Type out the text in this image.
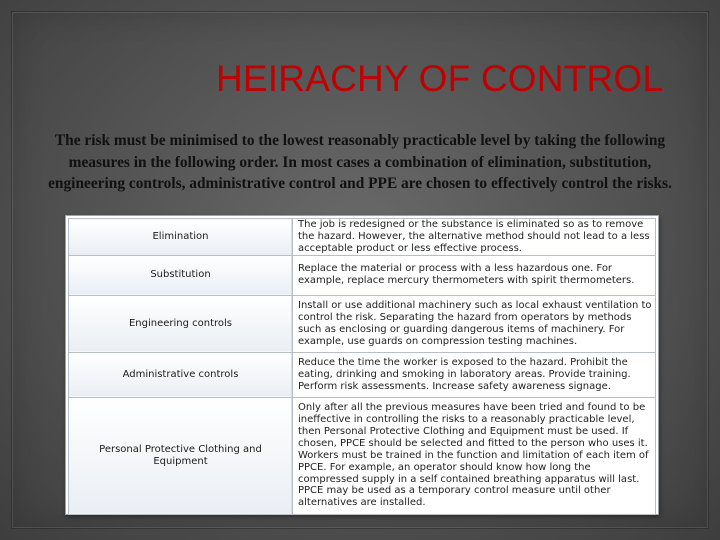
HEIRACHY OF CONTROL

The risk must be minimised to the lowest reasonably practicable level by taking the following measures in the following order. In most cases a combination of elimination, substitution, engineering controls, administrative control and PPE are chosen to effectively control the risks.

Elimination	The job is redesigned or the substance is eliminated so as to remove the hazard. However, the alternative method should not lead to a less acceptable product or less effective process.
Substitution	Replace the material or process with a less hazardous one. For example, replace mercury thermometers with spirit thermometers.
Engineering controls	Install or use additional machinery such as local exhaust ventilation to control the risk. Separating the hazard from operators by methods such as enclosing or guarding dangerous items of machinery. For example, use guards on compression testing machines.
Administrative controls	Reduce the time the worker is exposed to the hazard. Prohibit the eating, drinking and smoking in laboratory areas. Provide training. Perform risk assessments. Increase safety awareness signage.
Personal Protective Clothing and Equipment	Only after all the previous measures have been tried and found to be ineffective in controlling the risks to a reasonably practicable level, then Personal Protective Clothing and Equipment must be used. If chosen, PPCE should be selected and fitted to the person who uses it. Workers must be trained in the function and limitation of each item of PPCE. For example, an operator should know how long the compressed supply in a self contained breathing apparatus will last. PPCE may be used as a temporary control measure until other alternatives are installed.
